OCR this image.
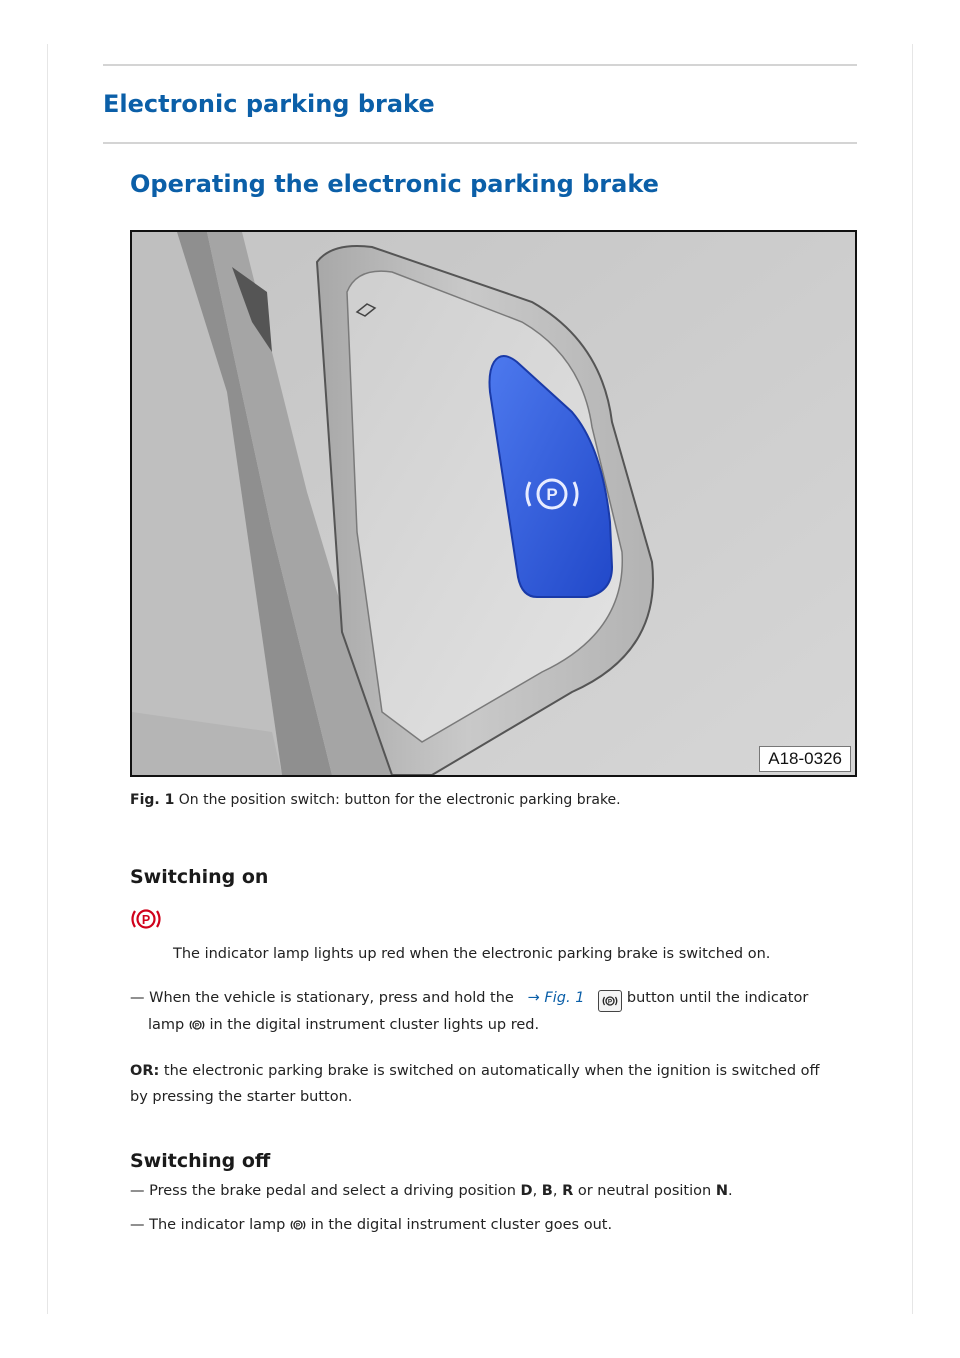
Electronic parking brake
Operating the electronic parking brake
P
A18-0326
Fig. 1 On the position switch: button for the electronic parking brake.
Switching on
P
The indicator lamp lights up red when the electronic parking brake is switched on.
— When the vehicle is stationary, press and hold the → Fig. 1 P button until the indicator
lamp P in the digital instrument cluster lights up red.
OR: the electronic parking brake is switched on automatically when the ignition is switched off
by pressing the starter button.
Switching off
— Press the brake pedal and select a driving position D, B, R or neutral position N.
— The indicator lamp P in the digital instrument cluster goes out.
